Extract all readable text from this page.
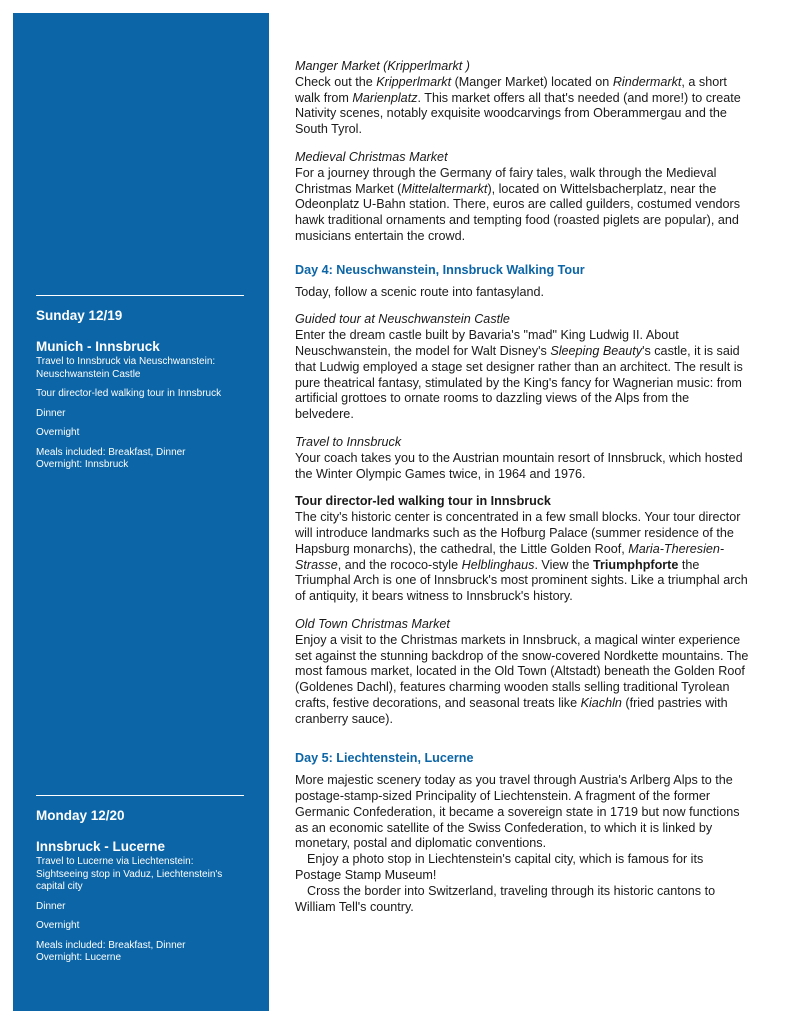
Sunday 12/19
Munich - Innsbruck
Travel to Innsbruck via Neuschwanstein: Neuschwanstein Castle
Tour director-led walking tour in Innsbruck
Dinner
Overnight
Meals included: Breakfast, Dinner
Overnight: Innsbruck
Monday 12/20
Innsbruck - Lucerne
Travel to Lucerne via Liechtenstein: Sightseeing stop in Vaduz, Liechtenstein's capital city
Dinner
Overnight
Meals included: Breakfast, Dinner
Overnight: Lucerne

Manger Market (Kripperlmarkt )

Check out the Kripperlmarkt (Manger Market) located on Rindermarkt, a short walk from Marienplatz. This market offers all that's needed (and more!) to create Nativity scenes, notably exquisite woodcarvings from Oberammergau and the South Tyrol.

Medieval Christmas Market

For a journey through the Germany of fairy tales, walk through the Medieval Christmas Market (Mittelaltermarkt), located on Wittelsbacherplatz, near the Odeonplatz U-Bahn station. There, euros are called guilders, costumed vendors hawk traditional ornaments and tempting food (roasted piglets are popular), and musicians entertain the crowd.

Day 4: Neuschwanstein, Innsbruck Walking Tour

Today, follow a scenic route into fantasyland.

Guided tour at Neuschwanstein Castle

Enter the dream castle built by Bavaria's "mad" King Ludwig II. About Neuschwanstein, the model for Walt Disney's Sleeping Beauty's castle, it is said that Ludwig employed a stage set designer rather than an architect. The result is pure theatrical fantasy, stimulated by the King's fancy for Wagnerian music: from artificial grottoes to ornate rooms to dazzling views of the Alps from the belvedere.

Travel to Innsbruck

Your coach takes you to the Austrian mountain resort of Innsbruck, which hosted the Winter Olympic Games twice, in 1964 and 1976.

Tour director-led walking tour in Innsbruck

The city's historic center is concentrated in a few small blocks. Your tour director will introduce landmarks such as the Hofburg Palace (summer residence of the Hapsburg monarchs), the cathedral, the Little Golden Roof, Maria-Theresien-Strasse, and the rococo-style Helblinghaus. View the Triumphpforte the Triumphal Arch is one of Innsbruck's most prominent sights. Like a triumphal arch of antiquity, it bears witness to Innsbruck's history.

Old Town Christmas Market

Enjoy a visit to the Christmas markets in Innsbruck, a magical winter experience set against the stunning backdrop of the snow-covered Nordkette mountains. The most famous market, located in the Old Town (Altstadt) beneath the Golden Roof (Goldenes Dachl), features charming wooden stalls selling traditional Tyrolean crafts, festive decorations, and seasonal treats like Kiachln (fried pastries with cranberry sauce).

Day 5: Liechtenstein, Lucerne

More majestic scenery today as you travel through Austria's Arlberg Alps to the postage-stamp-sized Principality of Liechtenstein. A fragment of the former Germanic Confederation, it became a sovereign state in 1719 but now functions as an economic satellite of the Swiss Confederation, to which it is linked by monetary, postal and diplomatic conventions.

Enjoy a photo stop in Liechtenstein's capital city, which is famous for its Postage Stamp Museum!

Cross the border into Switzerland, traveling through its historic cantons to William Tell's country.
